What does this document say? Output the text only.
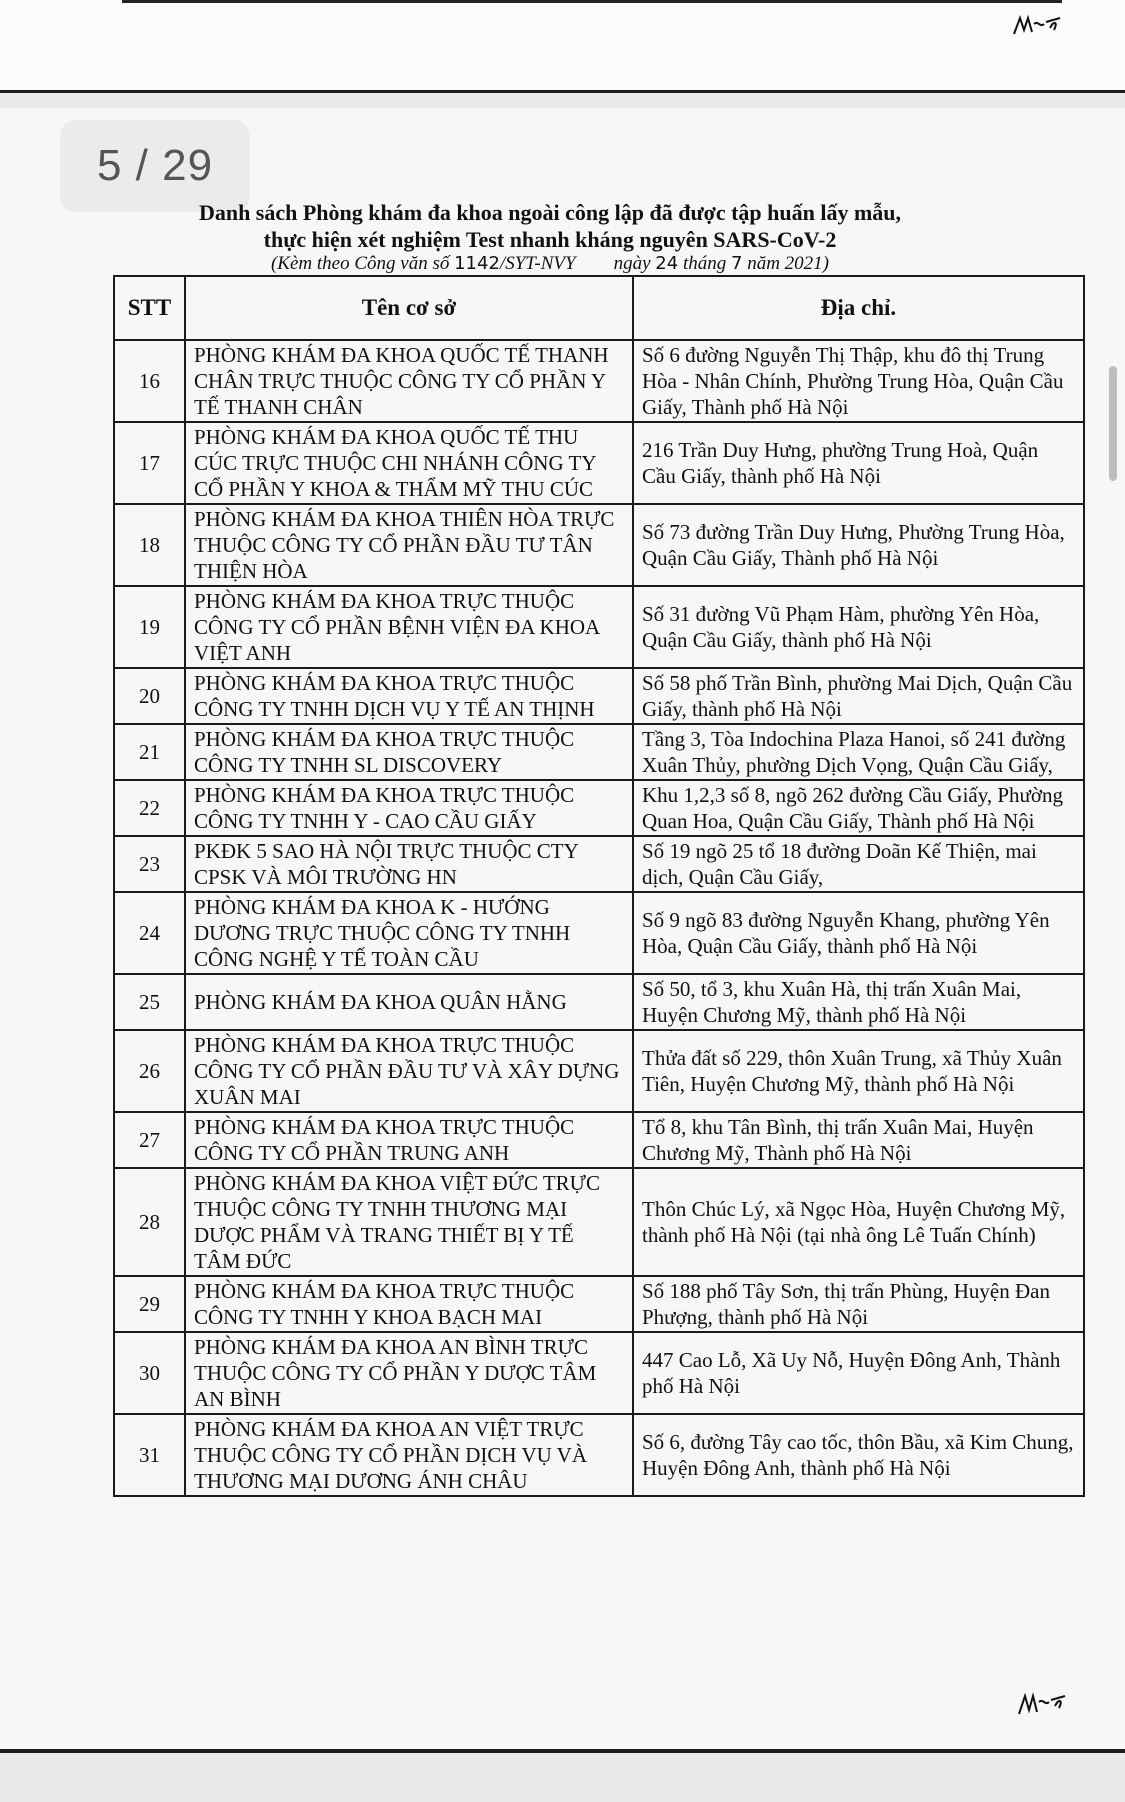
5 / 29
Danh sách Phòng khám đa khoa ngoài công lập đã được tập huấn lấy mẫu,
thực hiện xét nghiệm Test nhanh kháng nguyên SARS-CoV-2
(Kèm theo Công văn số 1142/SYT-NVY ngày 24 tháng 7 năm 2021)
STT	Tên cơ sở	Địa chỉ.
16	PHÒNG KHÁM ĐA KHOA QUỐC TẾ THANH CHÂN TRỰC THUỘC CÔNG TY CỔ PHẦN Y TẾ THANH CHÂN	Số 6 đường Nguyễn Thị Thập, khu đô thị Trung Hòa - Nhân Chính, Phường Trung Hòa, Quận Cầu Giấy, Thành phố Hà Nội
17	PHÒNG KHÁM ĐA KHOA QUỐC TẾ THU CÚC TRỰC THUỘC CHI NHÁNH CÔNG TY CỔ PHẦN Y KHOA & THẨM MỸ THU CÚC	216 Trần Duy Hưng, phường Trung Hoà, Quận Cầu Giấy, thành phố Hà Nội
18	PHÒNG KHÁM ĐA KHOA THIÊN HÒA TRỰC THUỘC CÔNG TY CỔ PHẦN ĐẦU TƯ TÂN THIỆN HÒA	Số 73 đường Trần Duy Hưng, Phường Trung Hòa, Quận Cầu Giấy, Thành phố Hà Nội
19	PHÒNG KHÁM ĐA KHOA TRỰC THUỘC CÔNG TY CỔ PHẦN BỆNH VIỆN ĐA KHOA VIỆT ANH	Số 31 đường Vũ Phạm Hàm, phường Yên Hòa, Quận Cầu Giấy, thành phố Hà Nội
20	PHÒNG KHÁM ĐA KHOA TRỰC THUỘC CÔNG TY TNHH DỊCH VỤ Y TẾ AN THỊNH	Số 58 phố Trần Bình, phường Mai Dịch, Quận Cầu Giấy, thành phố Hà Nội
21	PHÒNG KHÁM ĐA KHOA TRỰC THUỘC CÔNG TY TNHH SL DISCOVERY	Tầng 3, Tòa Indochina Plaza Hanoi, số 241 đường Xuân Thủy, phường Dịch Vọng, Quận Cầu Giấy,
22	PHÒNG KHÁM ĐA KHOA TRỰC THUỘC CÔNG TY TNHH Y - CAO CẦU GIẤY	Khu 1,2,3 số 8, ngõ 262 đường Cầu Giấy, Phường Quan Hoa, Quận Cầu Giấy, Thành phố Hà Nội
23	PKĐK 5 SAO HÀ NỘI TRỰC THUỘC CTY CPSK VÀ MÔI TRƯỜNG HN	Số 19 ngõ 25 tổ 18 đường Doãn Kế Thiện, mai dịch, Quận Cầu Giấy,
24	PHÒNG KHÁM ĐA KHOA K - HƯỚNG DƯƠNG TRỰC THUỘC CÔNG TY TNHH CÔNG NGHỆ Y TẾ TOÀN CẦU	Số 9 ngõ 83 đường Nguyễn Khang, phường Yên Hòa, Quận Cầu Giấy, thành phố Hà Nội
25	PHÒNG KHÁM ĐA KHOA QUÂN HẰNG	Số 50, tổ 3, khu Xuân Hà, thị trấn Xuân Mai, Huyện Chương Mỹ, thành phố Hà Nội
26	PHÒNG KHÁM ĐA KHOA TRỰC THUỘC CÔNG TY CỔ PHẦN ĐẦU TƯ VÀ XÂY DỰNG XUÂN MAI	Thửa đất số 229, thôn Xuân Trung, xã Thủy Xuân Tiên, Huyện Chương Mỹ, thành phố Hà Nội
27	PHÒNG KHÁM ĐA KHOA TRỰC THUỘC CÔNG TY CỔ PHẦN TRUNG ANH	Tổ 8, khu Tân Bình, thị trấn Xuân Mai, Huyện Chương Mỹ, Thành phố Hà Nội
28	PHÒNG KHÁM ĐA KHOA VIỆT ĐỨC TRỰC THUỘC CÔNG TY TNHH THƯƠNG MẠI DƯỢC PHẨM VÀ TRANG THIẾT BỊ Y TẾ TÂM ĐỨC	Thôn Chúc Lý, xã Ngọc Hòa, Huyện Chương Mỹ, thành phố Hà Nội (tại nhà ông Lê Tuấn Chính)
29	PHÒNG KHÁM ĐA KHOA TRỰC THUỘC CÔNG TY TNHH Y KHOA BẠCH MAI	Số 188 phố Tây Sơn, thị trấn Phùng, Huyện Đan Phượng, thành phố Hà Nội
30	PHÒNG KHÁM ĐA KHOA AN BÌNH TRỰC THUỘC CÔNG TY CỔ PHẦN Y DƯỢC TÂM AN BÌNH	447 Cao Lỗ, Xã Uy Nỗ, Huyện Đông Anh, Thành phố Hà Nội
31	PHÒNG KHÁM ĐA KHOA AN VIỆT TRỰC THUỘC CÔNG TY CỔ PHẦN DỊCH VỤ VÀ THƯƠNG MẠI DƯƠNG ÁNH CHÂU	Số 6, đường Tây cao tốc, thôn Bầu, xã Kim Chung, Huyện Đông Anh, thành phố Hà Nội
